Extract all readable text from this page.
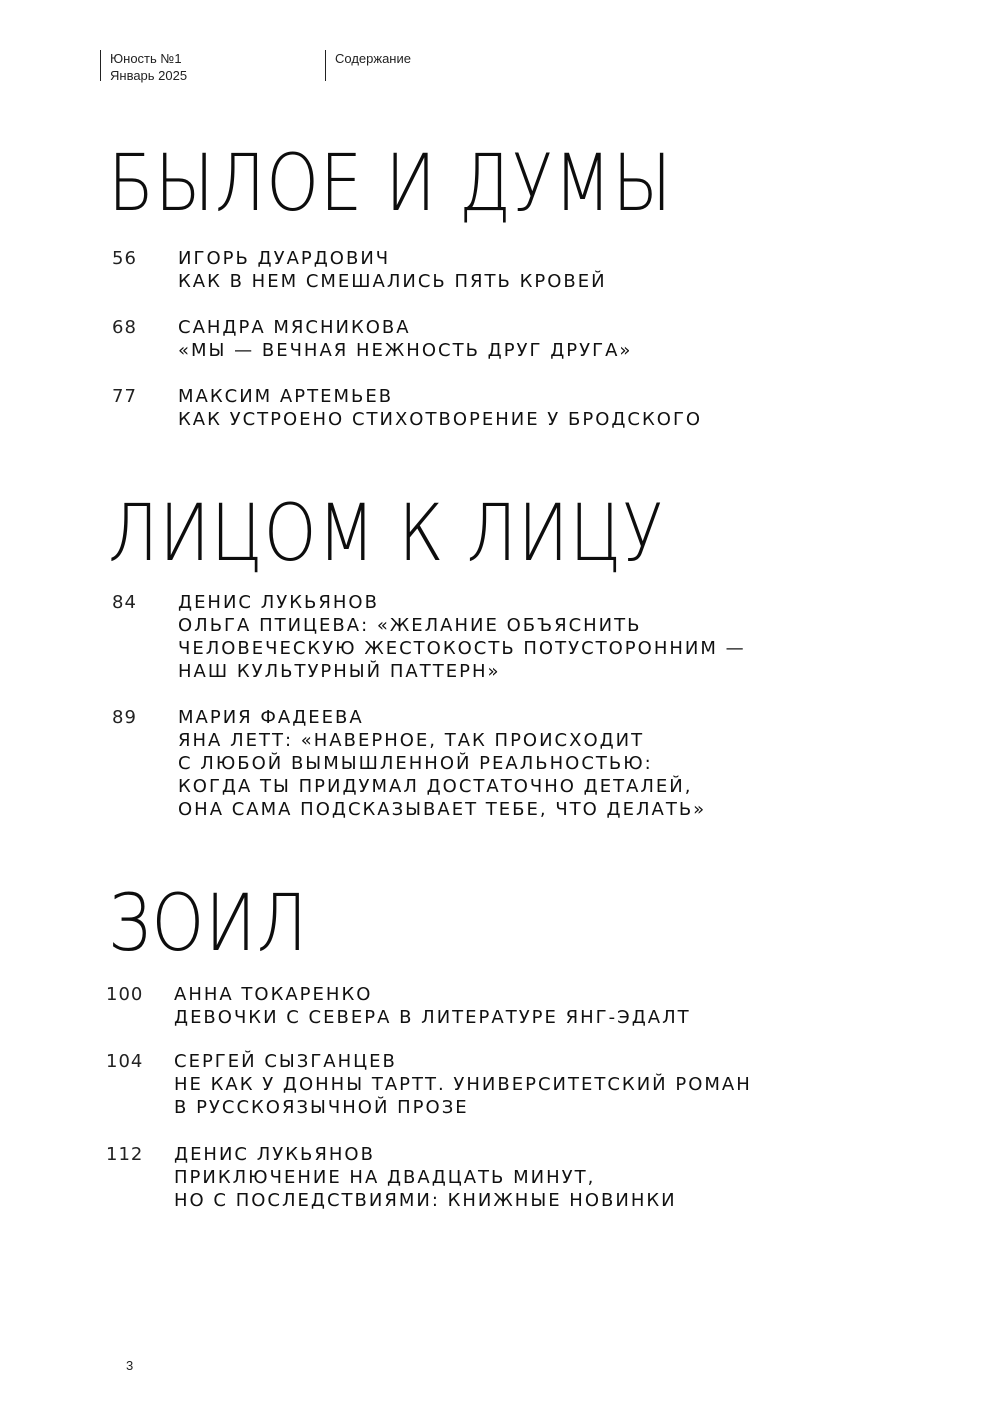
Юность №1
Январь 2025
Содержание
БЫЛОЕ И ДУМЫ
56 ИГОРЬ ДУАРДОВИЧ
КАК В НЕМ СМЕШАЛИСЬ ПЯТЬ КРОВЕЙ
68 САНДРА МЯСНИКОВА
«МЫ — ВЕЧНАЯ НЕЖНОСТЬ ДРУГ ДРУГА»
77 МАКСИМ АРТЕМЬЕВ
КАК УСТРОЕНО СТИХОТВОРЕНИЕ У БРОДСКОГО
ЛИЦОМ К ЛИЦУ
84 ДЕНИС ЛУКЬЯНОВ
ОЛЬГА ПТИЦЕВА: «ЖЕЛАНИЕ ОБЪЯСНИТЬ
ЧЕЛОВЕЧЕСКУЮ ЖЕСТОКОСТЬ ПОТУСТОРОННИМ —
НАШ КУЛЬТУРНЫЙ ПАТТЕРН»
89 МАРИЯ ФАДЕЕВА
ЯНА ЛЕТТ: «НАВЕРНОЕ, ТАК ПРОИСХОДИТ
С ЛЮБОЙ ВЫМЫШЛЕННОЙ РЕАЛЬНОСТЬЮ:
КОГДА ТЫ ПРИДУМАЛ ДОСТАТОЧНО ДЕТАЛЕЙ,
ОНА САМА ПОДСКАЗЫВАЕТ ТЕБЕ, ЧТО ДЕЛАТЬ»
ЗОИЛ
100 АННА ТОКАРЕНКО
ДЕВОЧКИ С СЕВЕРА В ЛИТЕРАТУРЕ ЯНГ-ЭДАЛТ
104 СЕРГЕЙ СЫЗГАНЦЕВ
НЕ КАК У ДОННЫ ТАРТТ. УНИВЕРСИТЕТСКИЙ РОМАН
В РУССКОЯЗЫЧНОЙ ПРОЗЕ
112 ДЕНИС ЛУКЬЯНОВ
ПРИКЛЮЧЕНИЕ НА ДВАДЦАТЬ МИНУТ,
НО С ПОСЛЕДСТВИЯМИ: КНИЖНЫЕ НОВИНКИ
3
